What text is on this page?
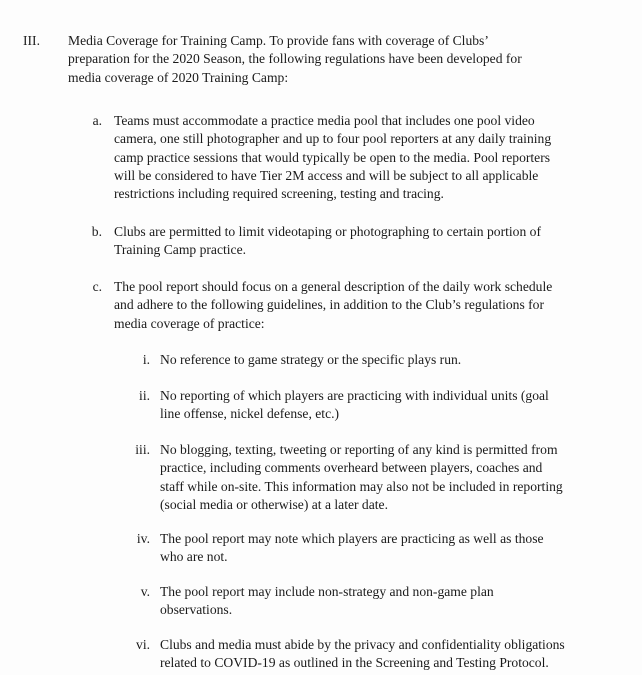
III. Media Coverage for Training Camp. To provide fans with coverage of Clubs’
preparation for the 2020 Season, the following regulations have been developed for
media coverage of 2020 Training Camp:
a. Teams must accommodate a practice media pool that includes one pool video
camera, one still photographer and up to four pool reporters at any daily training
camp practice sessions that would typically be open to the media. Pool reporters
will be considered to have Tier 2M access and will be subject to all applicable
restrictions including required screening, testing and tracing.
b. Clubs are permitted to limit videotaping or photographing to certain portion of
Training Camp practice.
c. The pool report should focus on a general description of the daily work schedule
and adhere to the following guidelines, in addition to the Club’s regulations for
media coverage of practice:
i. No reference to game strategy or the specific plays run.
ii. No reporting of which players are practicing with individual units (goal
line offense, nickel defense, etc.)
iii. No blogging, texting, tweeting or reporting of any kind is permitted from
practice, including comments overheard between players, coaches and
staff while on-site. This information may also not be included in reporting
(social media or otherwise) at a later date.
iv. The pool report may note which players are practicing as well as those
who are not.
v. The pool report may include non-strategy and non-game plan
observations.
vi. Clubs and media must abide by the privacy and confidentiality obligations
related to COVID-19 as outlined in the Screening and Testing Protocol.
